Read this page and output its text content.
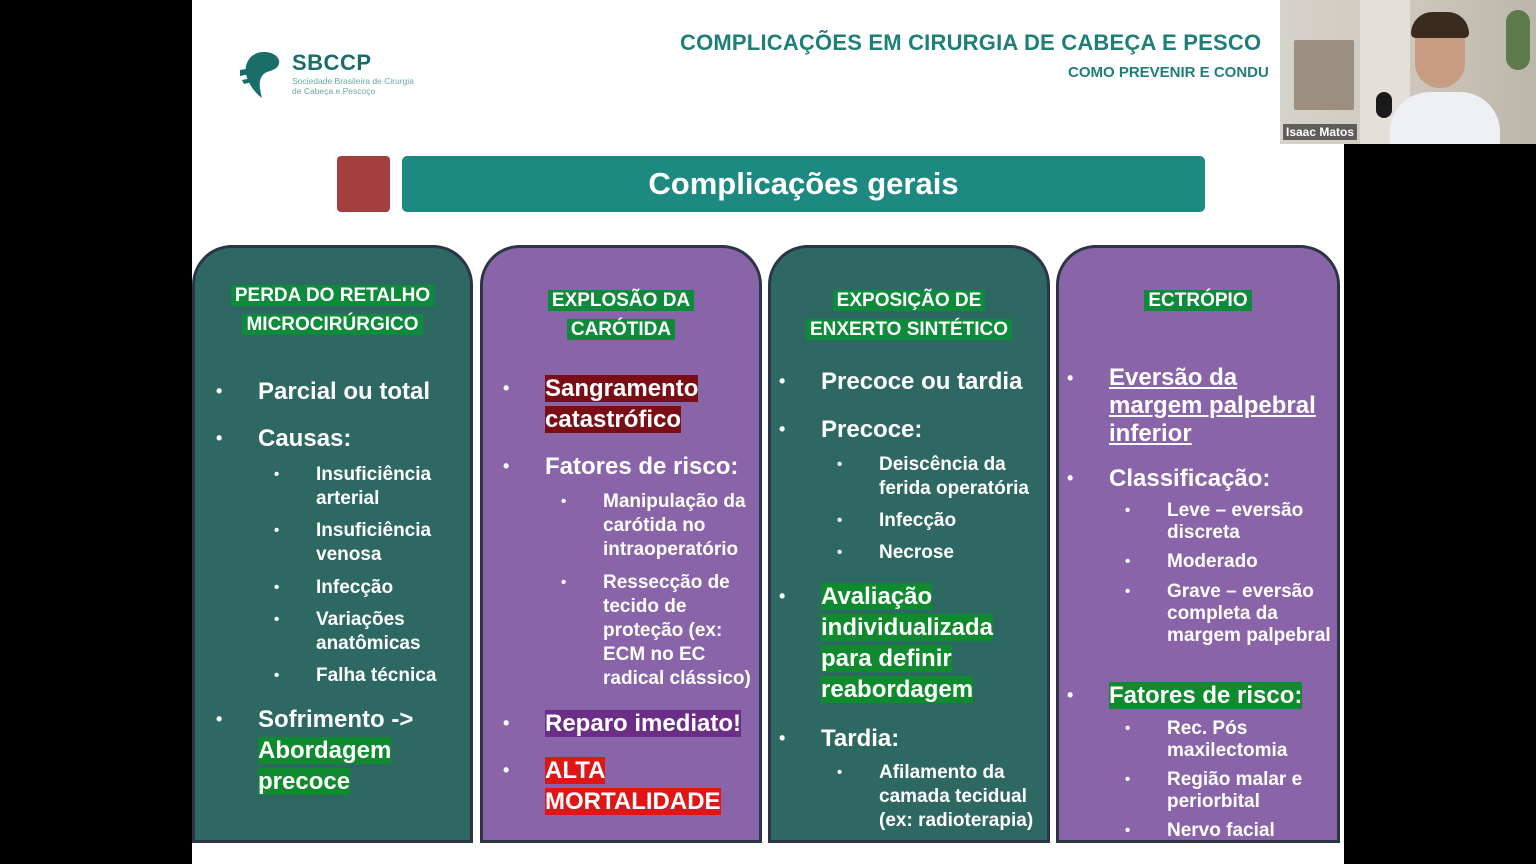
SBCCP
Sociedade Brasileira de Cirurgia de Cabeça e Pescoço
COMPLICAÇÕES EM CIRURGIA DE CABEÇA E PESCO
COMO PREVENIR E CONDU
Complicações gerais
PERDA DO RETALHO
MICROCIRÚRGICO
• Parcial ou total
• Causas:
• Insuficiência arterial
• Insuficiência venosa
• Infecção
• Variações anatômicas
• Falha técnica
• Sofrimento ->
Abordagem precoce
EXPLOSÃO DA
CARÓTIDA
• Sangramento catastrófico
• Fatores de risco:
• Manipulação da carótida no intraoperatório
• Ressecção de tecido de proteção (ex: ECM no EC radical clássico)
• Reparo imediato!
• ALTA MORTALIDADE
EXPOSIÇÃO DE
ENXERTO SINTÉTICO
• Precoce ou tardia
• Precoce:
• Deiscência da ferida operatória
• Infecção
• Necrose
• Avaliação individualizada para definir reabordagem
• Tardia:
• Afilamento da camada tecidual (ex: radioterapia)
ECTRÓPIO
• Eversão da margem palpebral inferior
• Classificação:
• Leve – eversão discreta
• Moderado
• Grave – eversão completa da margem palpebral
• Fatores de risco:
• Rec. Pós maxilectomia
• Região malar e periorbital
• Nervo facial
Isaac Matos
